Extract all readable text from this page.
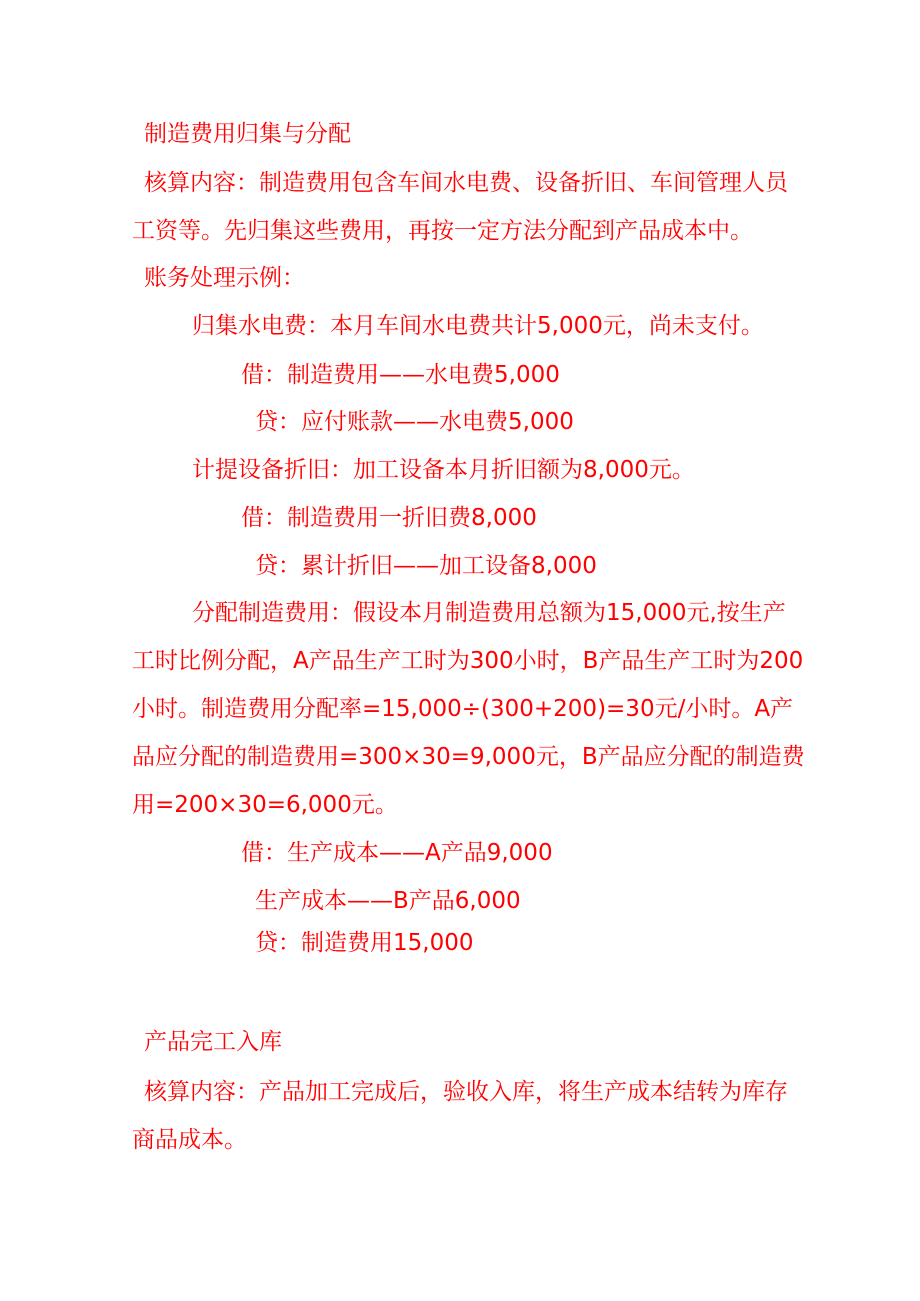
制造费用归集与分配
核算内容：制造费用包含车间水电费、设备折旧、车间管理人员
工资等。先归集这些费用，再按一定方法分配到产品成本中。
账务处理示例：
归集水电费：本月车间水电费共计5,000元，尚未支付。
借：制造费用——水电费5,000
贷：应付账款——水电费5,000
计提设备折旧：加工设备本月折旧额为8,000元。
借：制造费用一折旧费8,000
贷：累计折旧——加工设备8,000
分配制造费用：假设本月制造费用总额为15,000元,按生产
工时比例分配，A产品生产工时为300小时，B产品生产工时为200
小时。制造费用分配率=15,000÷(300+200)=30元/小时。A产
品应分配的制造费用=300×30=9,000元，B产品应分配的制造费
用=200×30=6,000元。
借：生产成本——A产品9,000
生产成本——B产品6,000
贷：制造费用15,000
产品完工入库
核算内容：产品加工完成后，验收入库，将生产成本结转为库存
商品成本。
